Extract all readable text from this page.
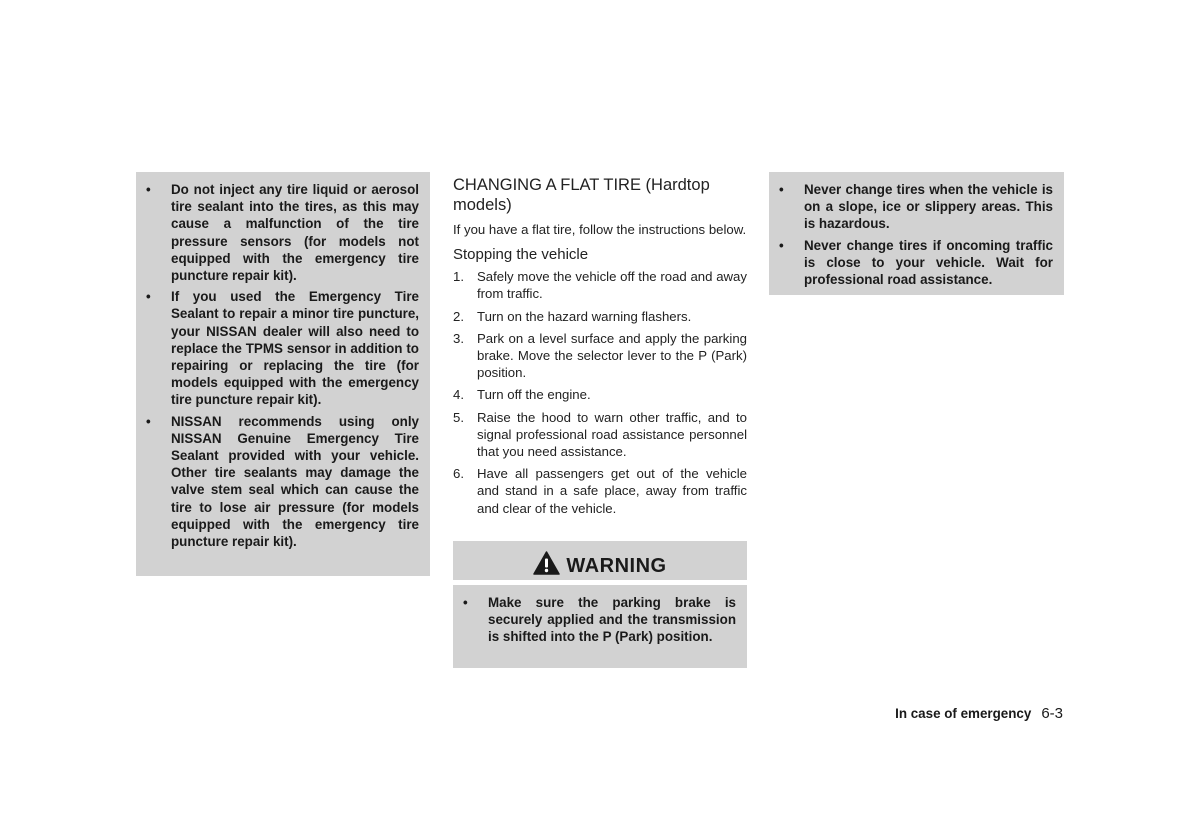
• Do not inject any tire liquid or aerosol tire sealant into the tires, as this may cause a malfunction of the tire pressure sensors (for models not equipped with the emergency tire puncture repair kit).
• If you used the Emergency Tire Sealant to repair a minor tire puncture, your NISSAN dealer will also need to replace the TPMS sensor in addition to repairing or replacing the tire (for models equipped with the emergency tire puncture repair kit).
• NISSAN recommends using only NISSAN Genuine Emergency Tire Sealant provided with your vehicle. Other tire sealants may damage the valve stem seal which can cause the tire to lose air pressure (for models equipped with the emergency tire puncture repair kit).
CHANGING A FLAT TIRE (Hardtop models)

If you have a flat tire, follow the instructions below.

Stopping the vehicle
1. Safely move the vehicle off the road and away from traffic.
2. Turn on the hazard warning flashers.
3. Park on a level surface and apply the parking brake. Move the selector lever to the P (Park) position.
4. Turn off the engine.
5. Raise the hood to warn other traffic, and to signal professional road assistance personnel that you need assistance.
6. Have all passengers get out of the vehicle and stand in a safe place, away from traffic and clear of the vehicle.
WARNING
• Make sure the parking brake is securely applied and the transmission is shifted into the P (Park) position.
• Never change tires when the vehicle is on a slope, ice or slippery areas. This is hazardous.
• Never change tires if oncoming traffic is close to your vehicle. Wait for professional road assistance.
In case of emergency 6-3
